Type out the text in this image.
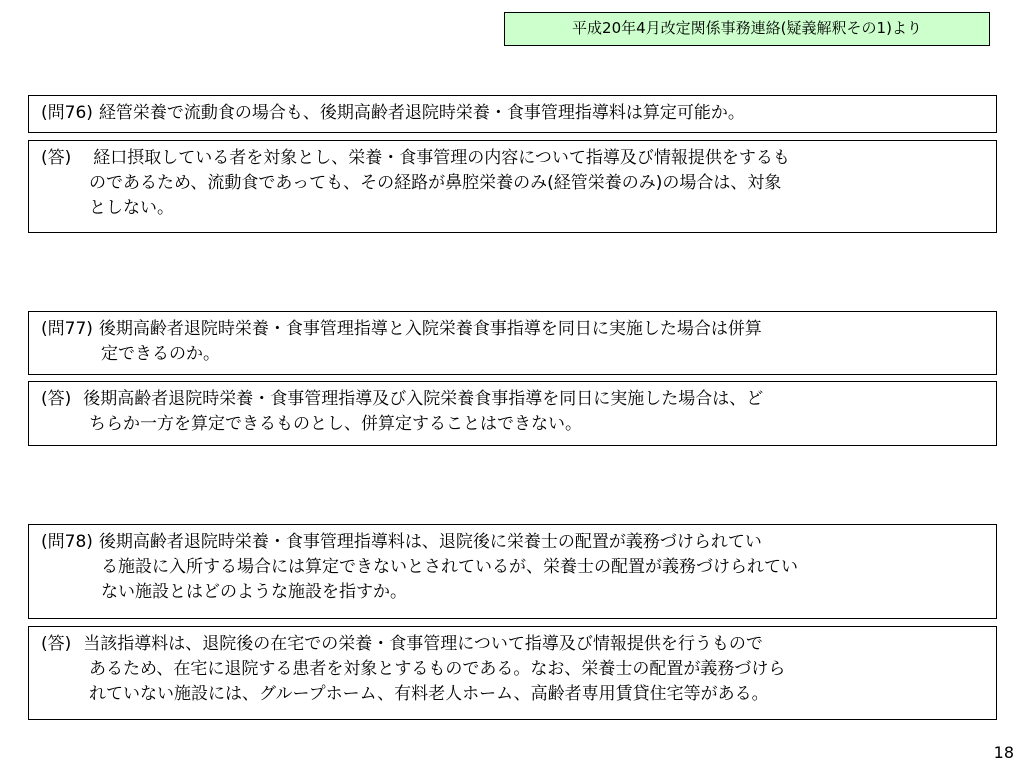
平成20年4月改定関係事務連絡(疑義解釈その1)より

(問76) 経管栄養で流動食の場合も、後期高齢者退院時栄養・食事管理指導料は算定可能か。

(答) 経口摂取している者を対象とし、栄養・食事管理の内容について指導及び情報提供をするも

のであるため、流動食であっても、その経路が鼻腔栄養のみ(経管栄養のみ)の場合は、対象

としない。

(問77) 後期高齢者退院時栄養・食事管理指導と入院栄養食事指導を同日に実施した場合は併算

定できるのか。

(答) 後期高齢者退院時栄養・食事管理指導及び入院栄養食事指導を同日に実施した場合は、ど

ちらか一方を算定できるものとし、併算定することはできない。

(問78) 後期高齢者退院時栄養・食事管理指導料は、退院後に栄養士の配置が義務づけられてい

る施設に入所する場合には算定できないとされているが、栄養士の配置が義務づけられてい

ない施設とはどのような施設を指すか。

(答) 当該指導料は、退院後の在宅での栄養・食事管理について指導及び情報提供を行うもので

あるため、在宅に退院する患者を対象とするものである。なお、栄養士の配置が義務づけら

れていない施設には、グループホーム、有料老人ホーム、高齢者専用賃貸住宅等がある。

18
